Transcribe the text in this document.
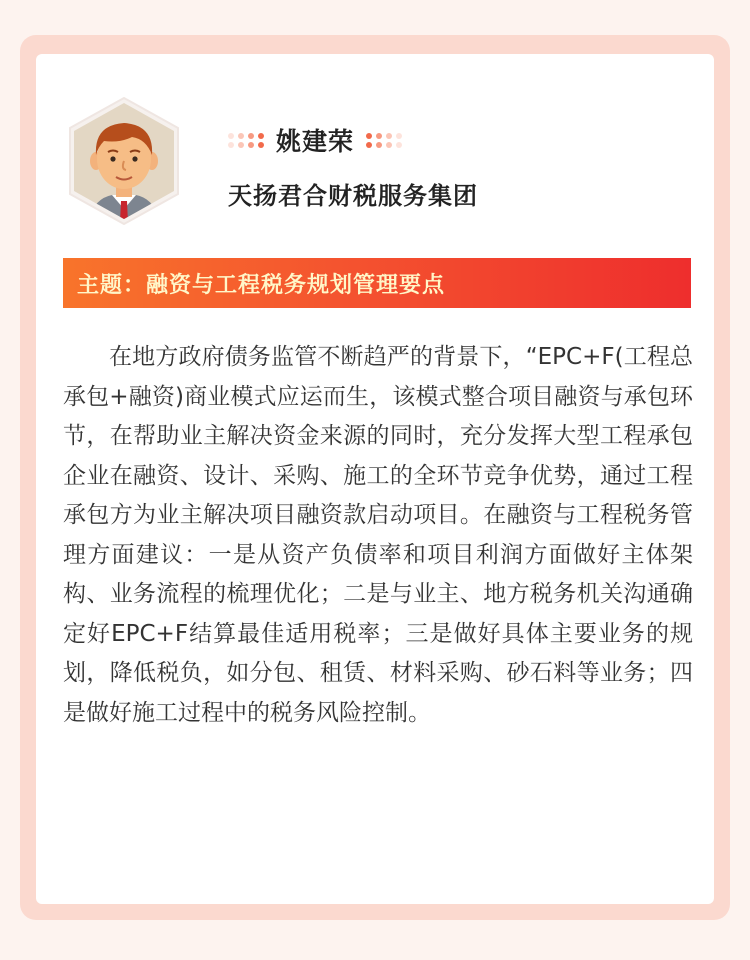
姚建荣
天扬君合财税服务集团
主题：融资与工程税务规划管理要点

在地方政府债务监管不断趋严的背景下，“EPC+F(工程总承包+融资)商业模式应运而生，该模式整合项目融资与承包环节，在帮助业主解决资金来源的同时，充分发挥大型工程承包企业在融资、设计、采购、施工的全环节竞争优势，通过工程承包方为业主解决项目融资款启动项目。在融资与工程税务管理方面建议：一是从资产负债率和项目利润方面做好主体架构、业务流程的梳理优化；二是与业主、地方税务机关沟通确定好EPC+F结算最佳适用税率；三是做好具体主要业务的规划，降低税负，如分包、租赁、材料采购、砂石料等业务；四是做好施工过程中的税务风险控制。
